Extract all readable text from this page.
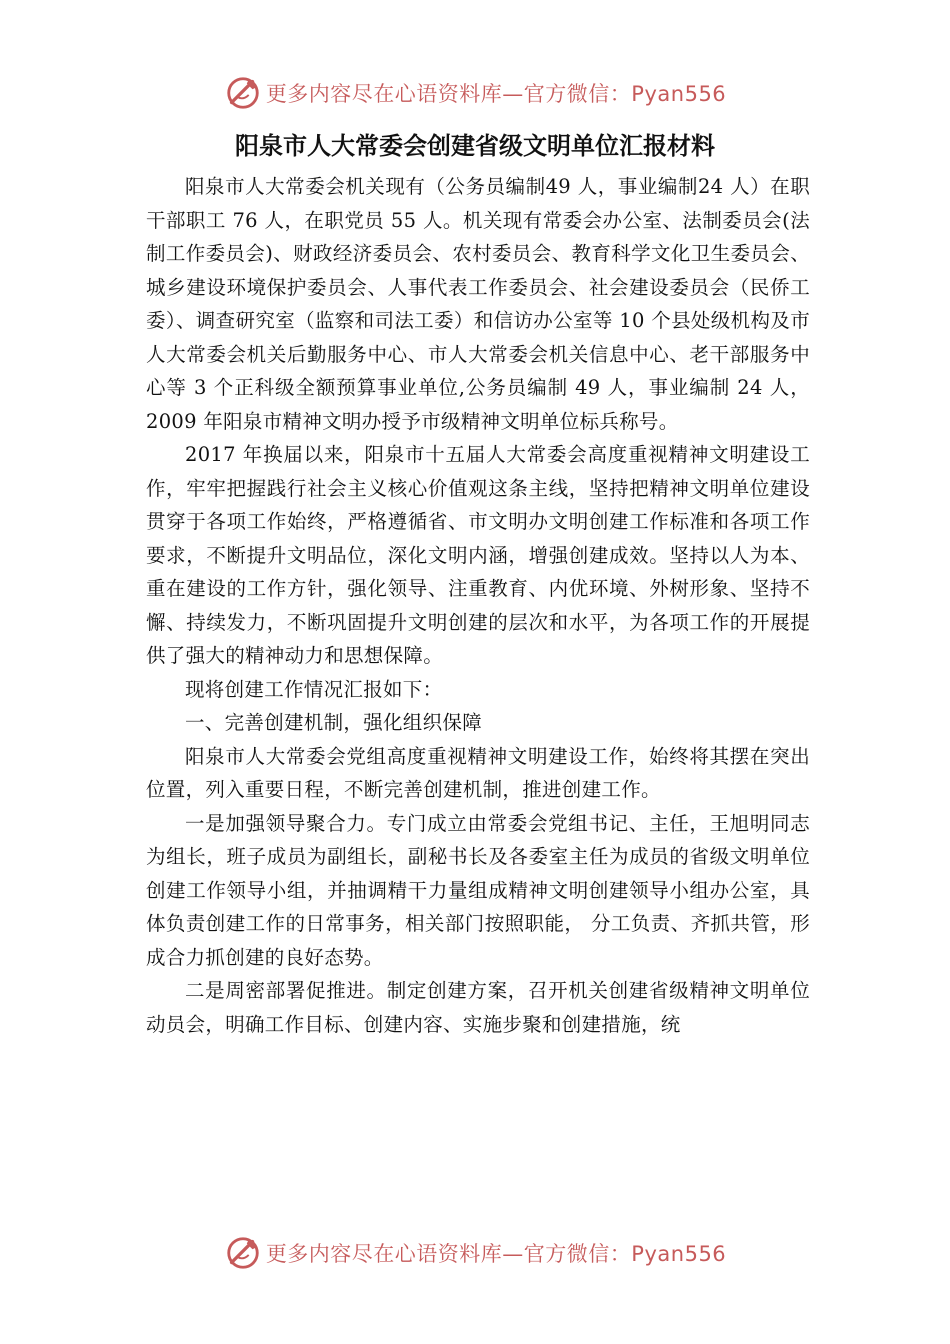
更多内容尽在心语资料库—官方微信：Pyan556
阳泉市人大常委会创建省级文明单位汇报材料

阳泉市人大常委会机关现有（公务员编制49 人，事业编制24 人）在职干部职工 76 人，在职党员 55 人。机关现有常委会办公室、法制委员会(法制工作委员会)、财政经济委员会、农村委员会、教育科学文化卫生委员会、城乡建设环境保护委员会、人事代表工作委员会、社会建设委员会（民侨工委）、调查研究室（监察和司法工委）和信访办公室等 10 个县处级机构及市人大常委会机关后勤服务中心、市人大常委会机关信息中心、老干部服务中心等 3 个正科级全额预算事业单位,公务员编制 49 人，事业编制 24 人，2009 年阳泉市精神文明办授予市级精神文明单位标兵称号。

2017 年换届以来，阳泉市十五届人大常委会高度重视精神文明建设工作，牢牢把握践行社会主义核心价值观这条主线，坚持把精神文明单位建设贯穿于各项工作始终，严格遵循省、市文明办文明创建工作标准和各项工作要求，不断提升文明品位，深化文明内涵，增强创建成效。坚持以人为本、重在建设的工作方针，强化领导、注重教育、内优环境、外树形象、坚持不懈、持续发力，不断巩固提升文明创建的层次和水平，为各项工作的开展提供了强大的精神动力和思想保障。

现将创建工作情况汇报如下：

一、完善创建机制，强化组织保障

阳泉市人大常委会党组高度重视精神文明建设工作，始终将其摆在突出位置，列入重要日程，不断完善创建机制，推进创建工作。

一是加强领导聚合力。专门成立由常委会党组书记、主任，王旭明同志为组长，班子成员为副组长，副秘书长及各委室主任为成员的省级文明单位创建工作领导小组，并抽调精干力量组成精神文明创建领导小组办公室，具体负责创建工作的日常事务，相关部门按照职能， 分工负责、齐抓共管，形成合力抓创建的良好态势。

二是周密部署促推进。制定创建方案，召开机关创建省级精神文明单位动员会，明确工作目标、创建内容、实施步聚和创建措施，统

更多内容尽在心语资料库—官方微信：Pyan556
